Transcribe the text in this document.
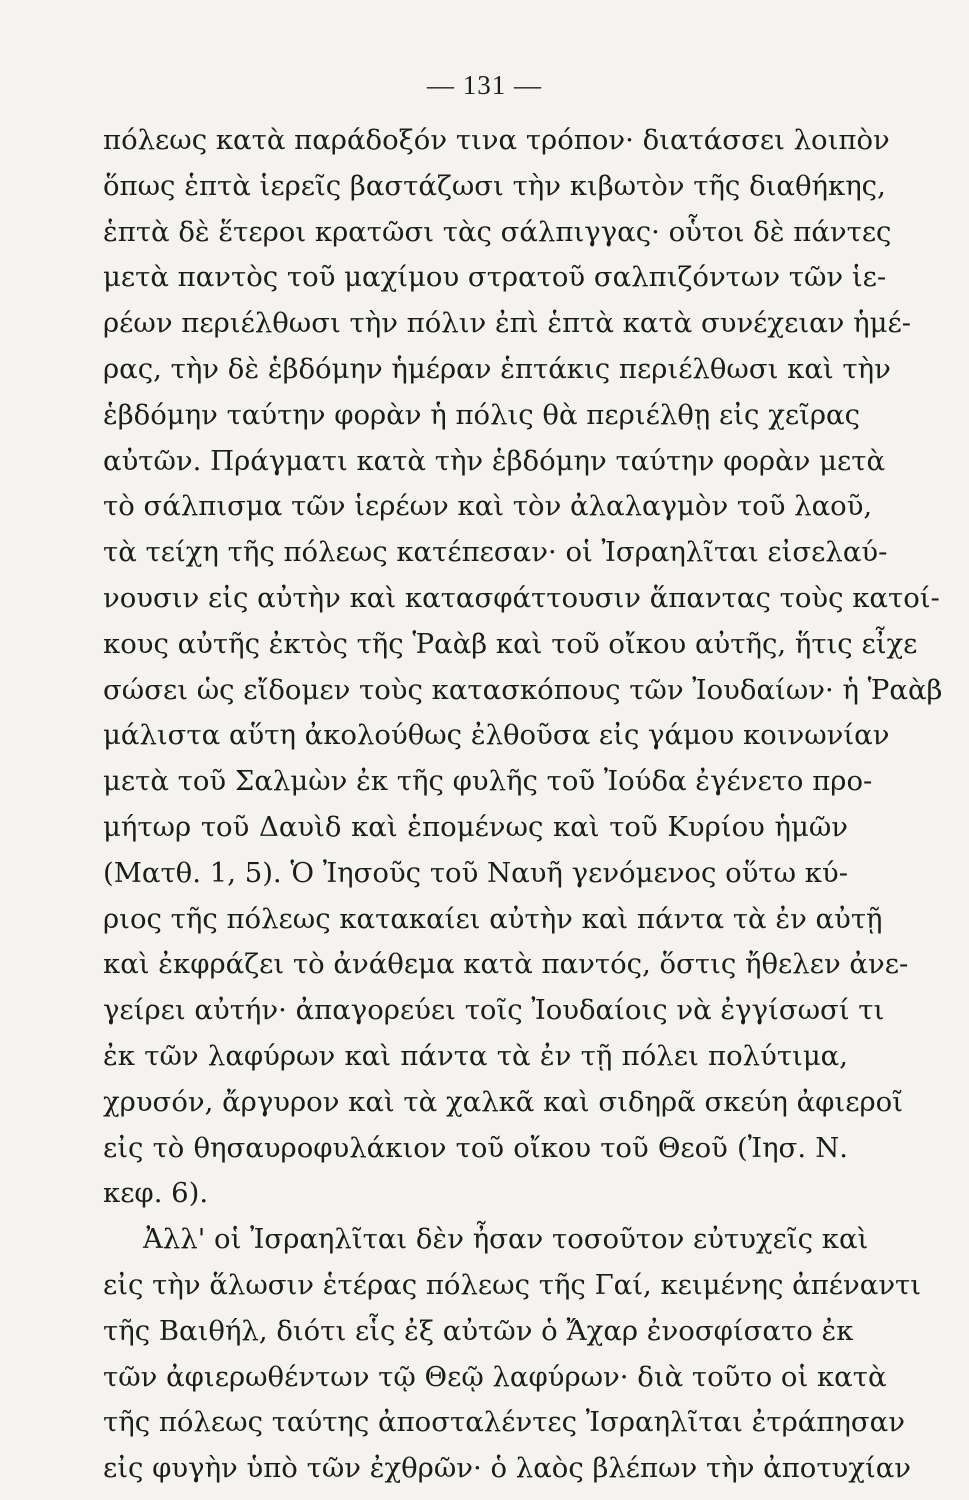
— 131 —
πόλεως κατὰ παράδοξόν τινα τρόπον· διατάσσει λοιπὸν
ὅπως ἑπτὰ ἱερεῖς βαστάζωσι τὴν κιβωτὸν τῆς διαθήκης,
ἑπτὰ δὲ ἕτεροι κρατῶσι τὰς σάλπιγγας· οὗτοι δὲ πάντες
μετὰ παντὸς τοῦ μαχίμου στρατοῦ σαλπιζόντων τῶν ἱε-
ρέων περιέλθωσι τὴν πόλιν ἐπὶ ἑπτὰ κατὰ συνέχειαν ἡμέ-
ρας, τὴν δὲ ἑβδόμην ἡμέραν ἑπτάκις περιέλθωσι καὶ τὴν
ἑβδόμην ταύτην φορὰν ἡ πόλις θὰ περιέλθῃ εἰς χεῖρας
αὐτῶν. Πράγματι κατὰ τὴν ἑβδόμην ταύτην φορὰν μετὰ
τὸ σάλπισμα τῶν ἱερέων καὶ τὸν ἀλαλαγμὸν τοῦ λαοῦ,
τὰ τείχη τῆς πόλεως κατέπεσαν· οἱ Ἰσραηλῖται εἰσελαύ-
νουσιν εἰς αὐτὴν καὶ κατασφάττουσιν ἅπαντας τοὺς κατοί-
κους αὐτῆς ἐκτὸς τῆς Ῥαὰβ καὶ τοῦ οἴκου αὐτῆς, ἥτις εἶχε
σώσει ὡς εἴδομεν τοὺς κατασκόπους τῶν Ἰουδαίων· ἡ Ῥαὰβ
μάλιστα αὕτη ἀκολούθως ἐλθοῦσα εἰς γάμου κοινωνίαν
μετὰ τοῦ Σαλμὼν ἐκ τῆς φυλῆς τοῦ Ἰούδα ἐγένετο προ-
μήτωρ τοῦ Δαυὶδ καὶ ἑπομένως καὶ τοῦ Κυρίου ἡμῶν
(Ματθ. 1, 5). Ὁ Ἰησοῦς τοῦ Ναυῆ γενόμενος οὕτω κύ-
ριος τῆς πόλεως κατακαίει αὐτὴν καὶ πάντα τὰ ἐν αὐτῇ
καὶ ἐκφράζει τὸ ἀνάθεμα κατὰ παντός, ὅστις ἤθελεν ἀνε-
γείρει αὐτήν· ἀπαγορεύει τοῖς Ἰουδαίοις νὰ ἐγγίσωσί τι
ἐκ τῶν λαφύρων καὶ πάντα τὰ ἐν τῇ πόλει πολύτιμα,
χρυσόν, ἄργυρον καὶ τὰ χαλκᾶ καὶ σιδηρᾶ σκεύη ἀφιεροῖ
εἰς τὸ θησαυροφυλάκιον τοῦ οἴκου τοῦ Θεοῦ (Ἰησ. Ν.
κεφ. 6).
Ἀλλ' οἱ Ἰσραηλῖται δὲν ἦσαν τοσοῦτον εὐτυχεῖς καὶ
εἰς τὴν ἅλωσιν ἑτέρας πόλεως τῆς Γαί, κειμένης ἀπέναντι
τῆς Βαιθήλ, διότι εἷς ἐξ αὐτῶν ὁ Ἄχαρ ἐνοσφίσατο ἐκ
τῶν ἀφιερωθέντων τῷ Θεῷ λαφύρων· διὰ τοῦτο οἱ κατὰ
τῆς πόλεως ταύτης ἀποσταλέντες Ἰσραηλῖται ἐτράπησαν
εἰς φυγὴν ὑπὸ τῶν ἐχθρῶν· ὁ λαὸς βλέπων τὴν ἀποτυχίαν
